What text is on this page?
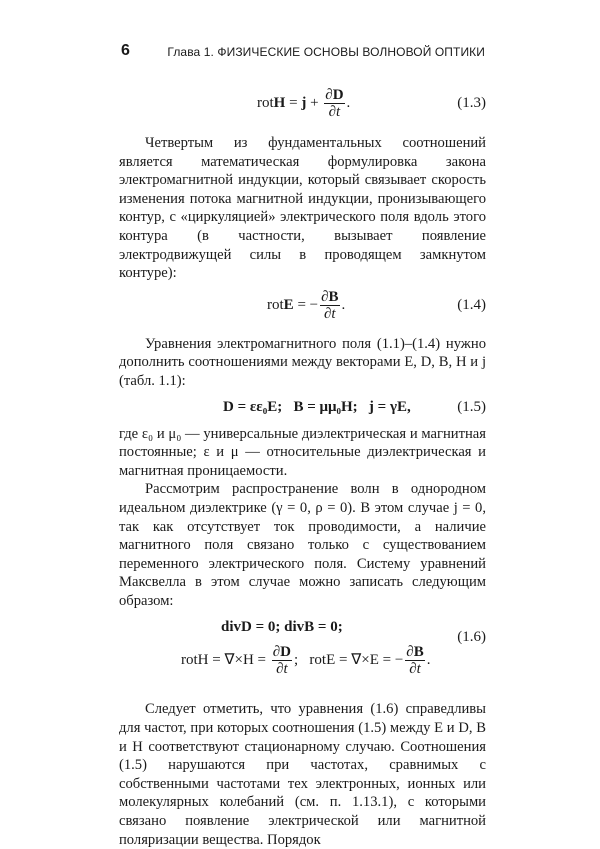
6	Глава 1. ФИЗИЧЕСКИЕ ОСНОВЫ ВОЛНОВОЙ ОПТИКИ
rot $H = j + \frac{\partial D}{\partial t}$ .	(1.3)

Четвертым из фундаментальных соотношений является математическая формулировка закона электромагнитной индукции, который связывает скорость изменения потока магнитной индукции, пронизывающего контур, с «циркуляцией» электрического поля вдоль этого контура (в частности, вызывает появление электродвижущей силы в проводящем замкнутом контуре):

rot E = − $\frac{\partial B}{\partial t}$ .	(1.4)

Уравнения электромагнитного поля (1.1)–(1.4) нужно дополнить соотношениями между векторами E, D, B, H и j (табл. 1.1):

D = εε₀E;   B = μμ₀H;   j = γE,	(1.5)

где ε₀ и μ₀ — универсальные диэлектрическая и магнитная постоянные; ε и μ — относительные диэлектрическая и магнитная проницаемости.

Рассмотрим распространение волн в однородном идеальном диэлектрике (γ = 0, ρ = 0). В этом случае j = 0, так как отсутствует ток проводимости, а наличие магнитного поля связано только с существованием переменного электрического поля. Систему уравнений Максвелла в этом случае можно записать следующим образом:

divD = 0; divB = 0;
rotH = $\nabla\times H = \frac{\partial D}{\partial t}$ ;   rotE = ∇×E = − $\frac{\partial B}{\partial t}$ .
(1.6)

Следует отметить, что уравнения (1.6) справедливы для частот, при которых соотношения (1.5) между E и D, B и H соответствуют стационарному случаю. Соотношения (1.5) нарушаются при частотах, сравнимых с собственными частотами тех электронных, ионных или молекулярных колебаний (см. п. 1.13.1), с которыми связано появление электрической или магнитной поляризации вещества. Порядок
